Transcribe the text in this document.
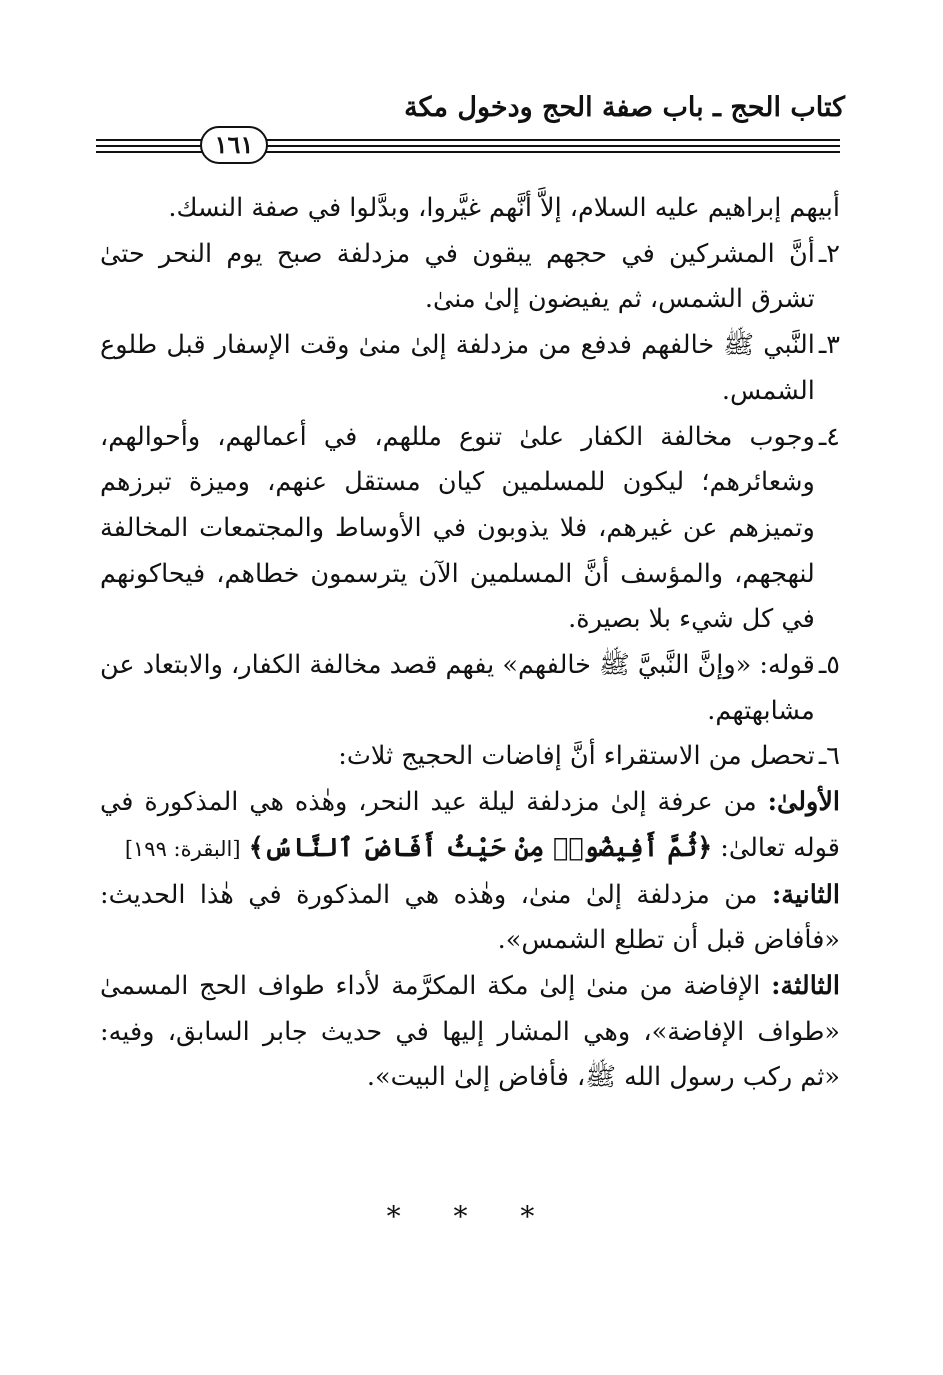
كتاب الحج ـ باب صفة الحج ودخول مكة
١٦١

أبيهم إبراهيم عليه السلام، إلاَّ أنَّهم غيَّروا، وبدَّلوا في صفة النسك.

٢ـ
أنَّ المشركين في حجهم يبقون في مزدلفة صبح يوم النحر حتىٰ تشرق الشمس، ثم يفيضون إلىٰ منىٰ.
٣ـ
النَّبي ﷺ خالفهم فدفع من مزدلفة إلىٰ منىٰ وقت الإسفار قبل طلوع الشمس.
٤ـ
وجوب مخالفة الكفار علىٰ تنوع مللهم، في أعمالهم، وأحوالهم، وشعائرهم؛ ليكون للمسلمين كيان مستقل عنهم، وميزة تبرزهم وتميزهم عن غيرهم، فلا يذوبون في الأوساط والمجتمعات المخالفة لنهجهم، والمؤسف أنَّ المسلمين الآن يترسمون خطاهم، فيحاكونهم في كل شيء بلا بصيرة.
٥ـ
قوله: «وإنَّ النَّبيَّ ﷺ خالفهم» يفهم قصد مخالفة الكفار، والابتعاد عن مشابهتهم.
٦ـ
تحصل من الاستقراء أنَّ إفاضات الحجيج ثلاث:

الأولىٰ: من عرفة إلىٰ مزدلفة ليلة عيد النحر، وهٰذه هي المذكورة في قوله تعالىٰ: ﴿ثُمَّ أَفِيضُوا۟ مِنْ حَيْثُ أَفَاضَ ٱلنَّاسُ﴾ [البقرة: ١٩٩]

الثانية: من مزدلفة إلىٰ منىٰ، وهٰذه هي المذكورة في هٰذا الحديث: «فأفاض قبل أن تطلع الشمس».

الثالثة: الإفاضة من منىٰ إلىٰ مكة المكرَّمة لأداء طواف الحج المسمىٰ «طواف الإفاضة»، وهي المشار إليها في حديث جابر السابق، وفيه: «ثم ركب رسول الله ﷺ، فأفاض إلىٰ البيت».

* * *
